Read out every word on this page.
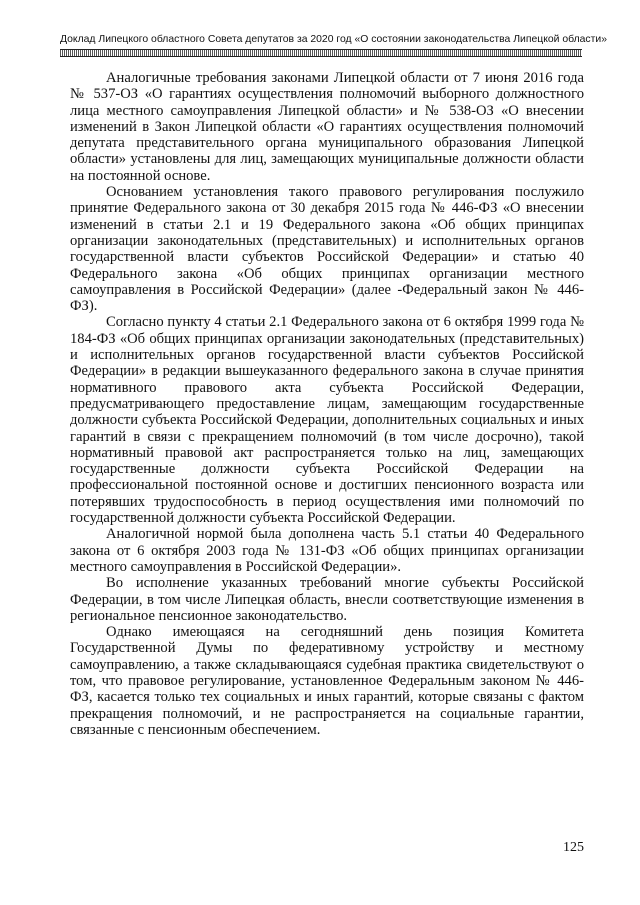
Доклад Липецкого областного Совета депутатов за 2020 год «О состоянии законодательства Липецкой области»

Аналогичные требования законами Липецкой области от 7 июня 2016 года № 537-ОЗ «О гарантиях осуществления полномочий выборного должностного лица местного самоуправления Липецкой области» и № 538-ОЗ «О внесении изменений в Закон Липецкой области «О гарантиях осуществления полномочий депутата представительного органа муниципального образования Липецкой области» установлены для лиц, замещающих муниципальные должности области на постоянной основе.

Основанием установления такого правового регулирования послужило принятие Федерального закона от 30 декабря 2015 года № 446-ФЗ «О внесении изменений в статьи 2.1 и 19 Федерального закона «Об общих принципах организации законодательных (представительных) и исполнительных органов государственной власти субъектов Российской Федерации» и статью 40 Федерального закона «Об общих принципах организации местного самоуправления в Российской Федерации» (далее -Федеральный закон № 446-ФЗ).

Согласно пункту 4 статьи 2.1 Федерального закона от 6 октября 1999 года № 184-ФЗ «Об общих принципах организации законодательных (представительных) и исполнительных органов государственной власти субъектов Российской Федерации» в редакции вышеуказанного федерального закона в случае принятия нормативного правового акта субъекта Российской Федерации, предусматривающего предоставление лицам, замещающим государственные должности субъекта Российской Федерации, дополнительных социальных и иных гарантий в связи с прекращением полномочий (в том числе досрочно), такой нормативный правовой акт распространяется только на лиц, замещающих государственные должности субъекта Российской Федерации на профессиональной постоянной основе и достигших пенсионного возраста или потерявших трудоспособность в период осуществления ими полномочий по государственной должности субъекта Российской Федерации.

Аналогичной нормой была дополнена часть 5.1 статьи 40 Федерального закона от 6 октября 2003 года № 131-ФЗ «Об общих принципах организации местного самоуправления в Российской Федерации».

Во исполнение указанных требований многие субъекты Российской Федерации, в том числе Липецкая область, внесли соответствующие изменения в региональное пенсионное законодательство.

Однако имеющаяся на сегодняшний день позиция Комитета Государственной Думы по федеративному устройству и местному самоуправлению, а также складывающаяся судебная практика свидетельствуют о том, что правовое регулирование, установленное Федеральным законом № 446-ФЗ, касается только тех социальных и иных гарантий, которые связаны с фактом прекращения полномочий, и не распространяется на социальные гарантии, связанные с пенсионным обеспечением.

125
